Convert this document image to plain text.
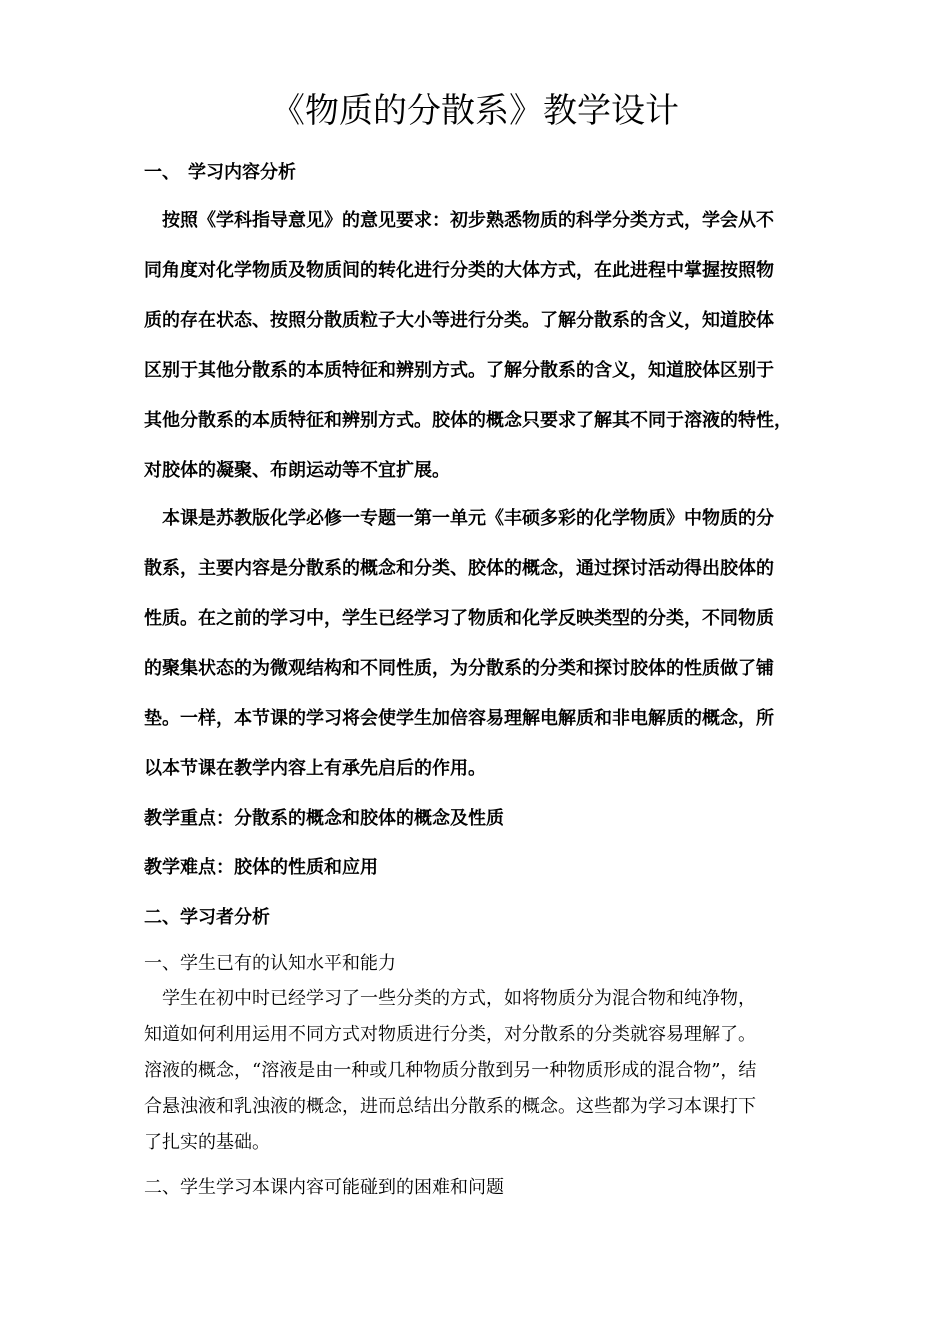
《物质的分散系》教学设计
一、 学习内容分析
　按照《学科指导意见》的意见要求：初步熟悉物质的科学分类方式，学会从不
同角度对化学物质及物质间的转化进行分类的大体方式，在此进程中掌握按照物
质的存在状态、按照分散质粒子大小等进行分类。了解分散系的含义，知道胶体
区别于其他分散系的本质特征和辨别方式。了解分散系的含义，知道胶体区别于
其他分散系的本质特征和辨别方式。胶体的概念只要求了解其不同于溶液的特性，
对胶体的凝聚、布朗运动等不宜扩展。
　本课是苏教版化学必修一专题一第一单元《丰硕多彩的化学物质》中物质的分
散系，主要内容是分散系的概念和分类、胶体的概念，通过探讨活动得出胶体的
性质。在之前的学习中，学生已经学习了物质和化学反映类型的分类，不同物质
的聚集状态的为微观结构和不同性质，为分散系的分类和探讨胶体的性质做了铺
垫。一样，本节课的学习将会使学生加倍容易理解电解质和非电解质的概念，所
以本节课在教学内容上有承先启后的作用。
教学重点：分散系的概念和胶体的概念及性质
教学难点：胶体的性质和应用
二、学习者分析
一、学生已有的认知水平和能力
　学生在初中时已经学习了一些分类的方式，如将物质分为混合物和纯净物，
知道如何利用运用不同方式对物质进行分类，对分散系的分类就容易理解了。
溶液的概念，“溶液是由一种或几种物质分散到另一种物质形成的混合物”，结
合悬浊液和乳浊液的概念，进而总结出分散系的概念。这些都为学习本课打下
了扎实的基础。
二、学生学习本课内容可能碰到的困难和问题
